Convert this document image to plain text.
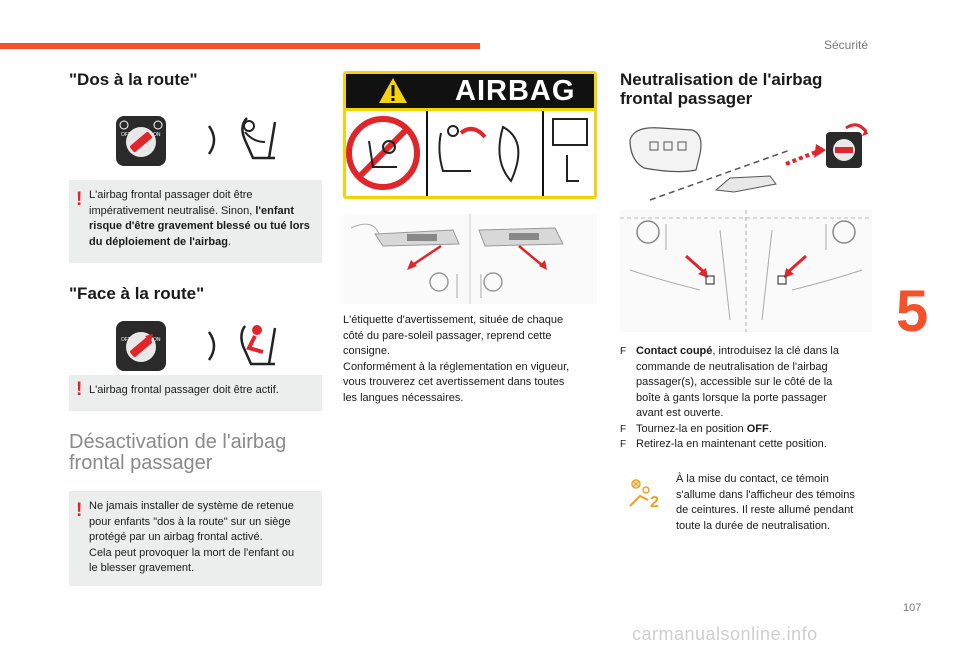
Sécurité
5
107
carmanualsonline.info
"Dos à la route"
OFF	ON
! L'airbag frontal passager doit être impérativement neutralisé. Sinon, l'enfant risque d'être gravement blessé ou tué lors du déploiement de l'airbag.
"Face à la route"
OFF	ON
! L'airbag frontal passager doit être actif.
Désactivation de l'airbag
frontal passager
! Ne jamais installer de système de retenue
pour enfants "dos à la route" sur un siège
protégé par un airbag frontal activé.
Cela peut provoquer la mort de l'enfant ou
le blesser gravement.
AIRBAG
L'étiquette d'avertissement, située de chaque
côté du pare-soleil passager, reprend cette
consigne.
Conformément à la réglementation en vigueur,
vous trouverez cet avertissement dans toutes
les langues nécessaires.
Neutralisation de l'airbag
frontal passager
F Contact coupé, introduisez la clé dans la
commande de neutralisation de l'airbag
passager(s), accessible sur le côté de la
boîte à gants lorsque la porte passager
avant est ouverte.
F Tournez-la en position OFF.
F Retirez-la en maintenant cette position.
2
À la mise du contact, ce témoin
s'allume dans l'afficheur des témoins
de ceintures. Il reste allumé pendant
toute la durée de neutralisation.
